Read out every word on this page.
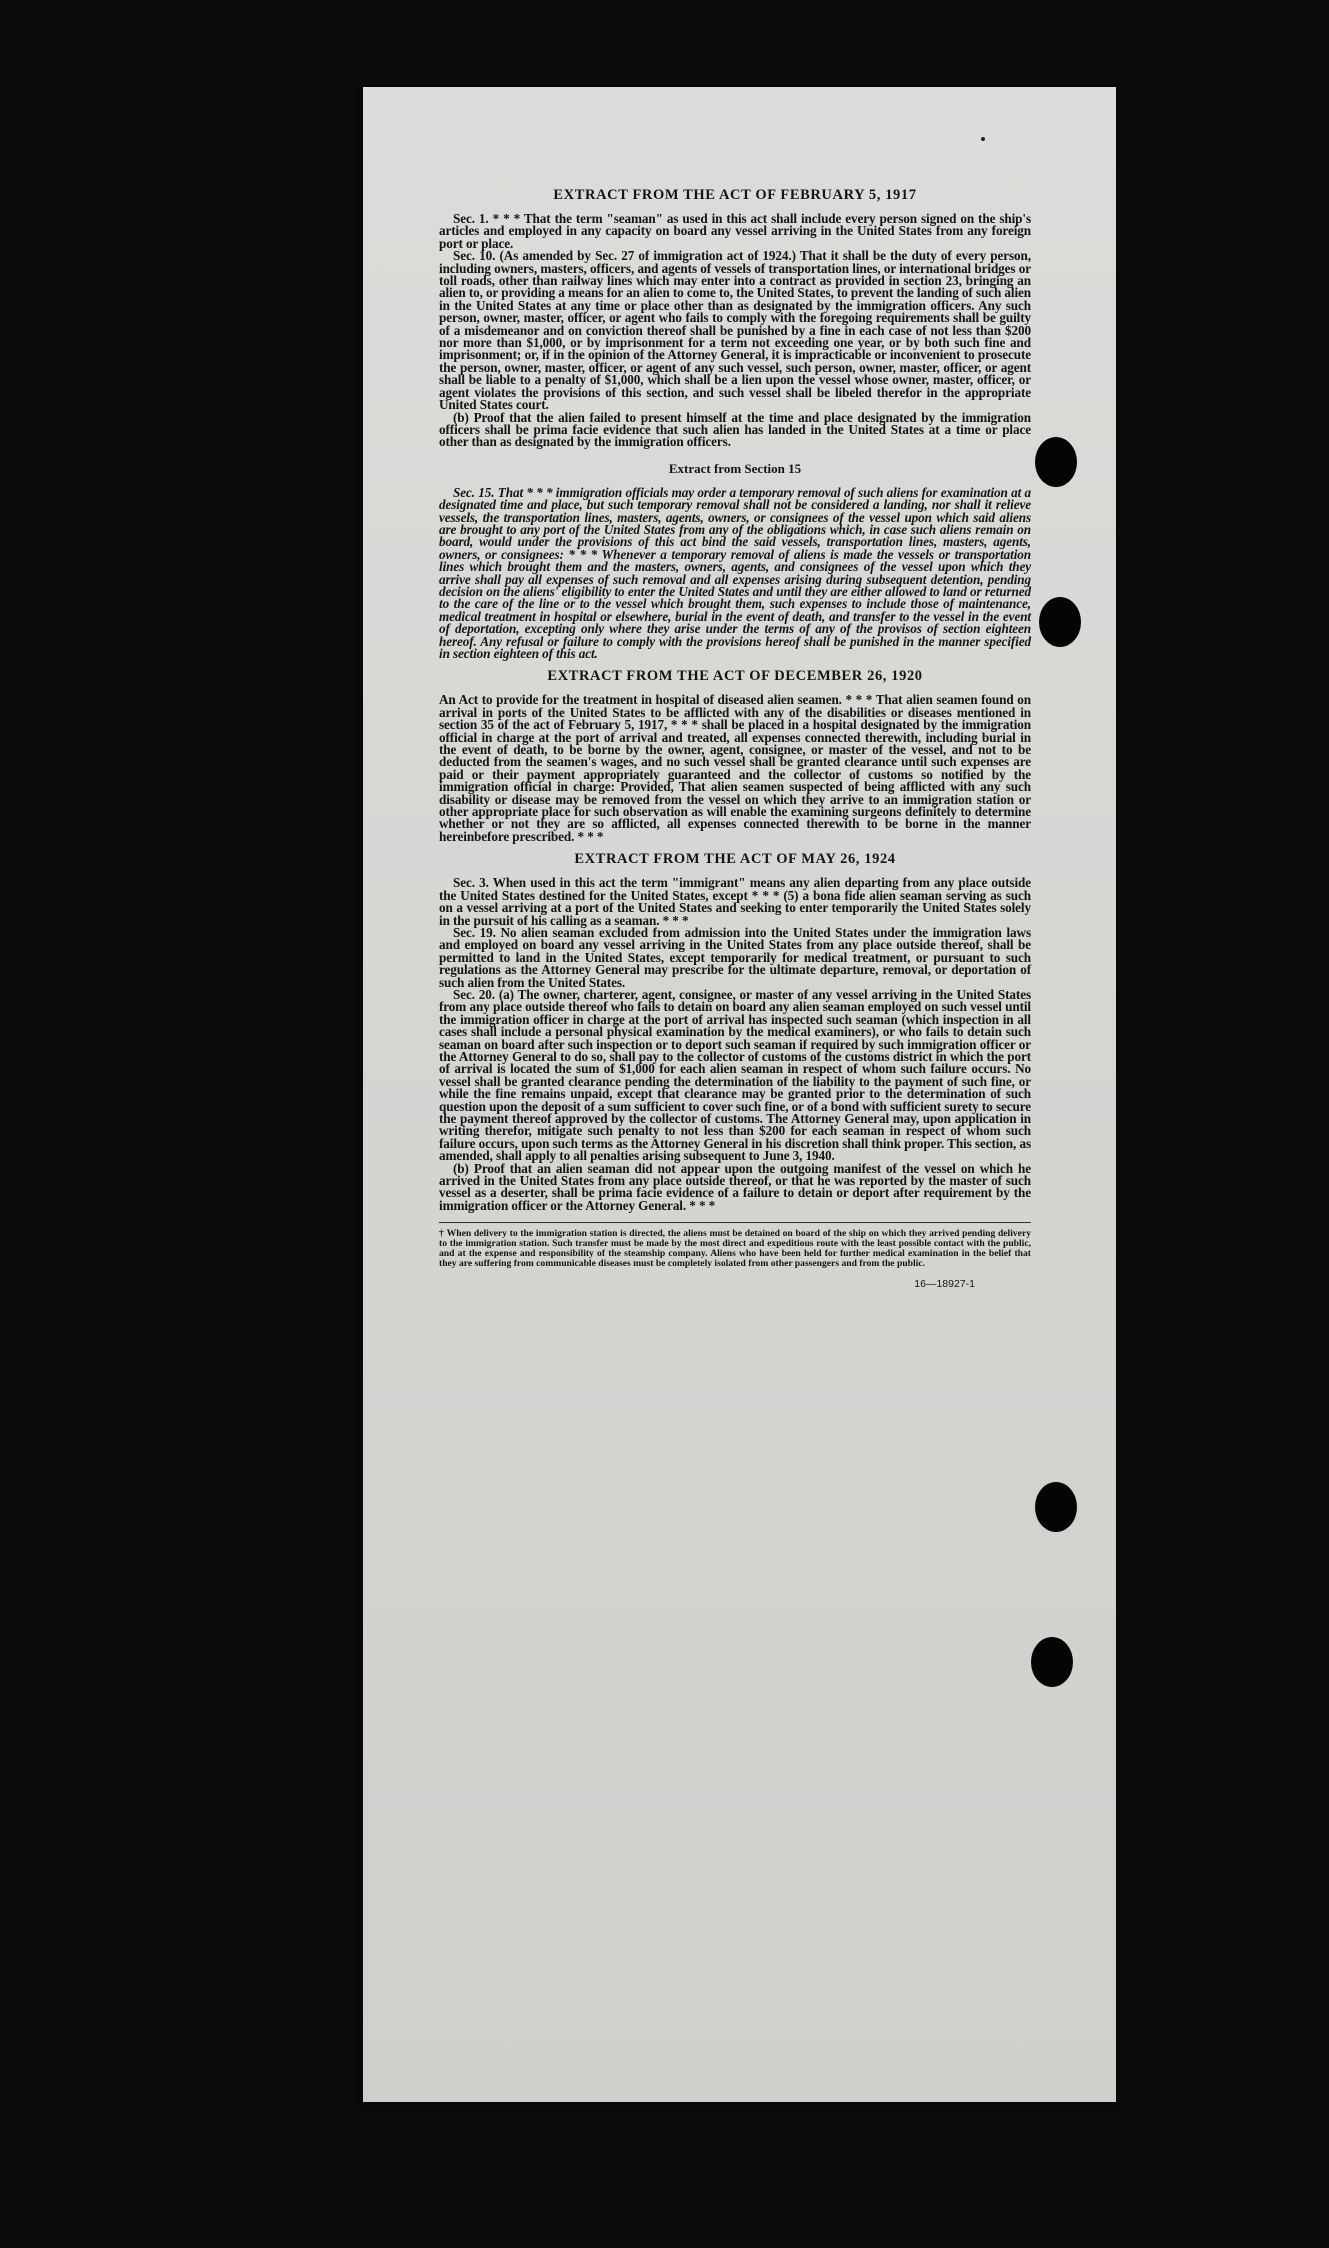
EXTRACT FROM THE ACT OF FEBRUARY 5, 1917

Sec. 1. * * * That the term "seaman" as used in this act shall include every person signed on the ship's articles and employed in any capacity on board any vessel arriving in the United States from any foreign port or place.

Sec. 10. (As amended by Sec. 27 of immigration act of 1924.) That it shall be the duty of every person, including owners, masters, officers, and agents of vessels of transportation lines, or international bridges or toll roads, other than railway lines which may enter into a contract as provided in section 23, bringing an alien to, or providing a means for an alien to come to, the United States, to prevent the landing of such alien in the United States at any time or place other than as designated by the immigration officers. Any such person, owner, master, officer, or agent who fails to comply with the foregoing requirements shall be guilty of a misdemeanor and on conviction thereof shall be punished by a fine in each case of not less than $200 nor more than $1,000, or by imprisonment for a term not exceeding one year, or by both such fine and imprisonment; or, if in the opinion of the Attorney General, it is impracticable or inconvenient to prosecute the person, owner, master, officer, or agent of any such vessel, such person, owner, master, officer, or agent shall be liable to a penalty of $1,000, which shall be a lien upon the vessel whose owner, master, officer, or agent violates the provisions of this section, and such vessel shall be libeled therefor in the appropriate United States court.

(b) Proof that the alien failed to present himself at the time and place designated by the immigration officers shall be prima facie evidence that such alien has landed in the United States at a time or place other than as designated by the immigration officers.

Extract from Section 15

Sec. 15. That * * * immigration officials may order a temporary removal of such aliens for examination at a designated time and place, but such temporary removal shall not be considered a landing, nor shall it relieve vessels, the transportation lines, masters, agents, owners, or consignees of the vessel upon which said aliens are brought to any port of the United States from any of the obligations which, in case such aliens remain on board, would under the provisions of this act bind the said vessels, transportation lines, masters, agents, owners, or consignees: * * * Whenever a temporary removal of aliens is made the vessels or transportation lines which brought them and the masters, owners, agents, and consignees of the vessel upon which they arrive shall pay all expenses of such removal and all expenses arising during subsequent detention, pending decision on the aliens' eligibility to enter the United States and until they are either allowed to land or returned to the care of the line or to the vessel which brought them, such expenses to include those of maintenance, medical treatment in hospital or elsewhere, burial in the event of death, and transfer to the vessel in the event of deportation, excepting only where they arise under the terms of any of the provisos of section eighteen hereof. Any refusal or failure to comply with the provisions hereof shall be punished in the manner specified in section eighteen of this act.

EXTRACT FROM THE ACT OF DECEMBER 26, 1920

An Act to provide for the treatment in hospital of diseased alien seamen. * * * That alien seamen found on arrival in ports of the United States to be afflicted with any of the disabilities or diseases mentioned in section 35 of the act of February 5, 1917, * * * shall be placed in a hospital designated by the immigration official in charge at the port of arrival and treated, all expenses connected therewith, including burial in the event of death, to be borne by the owner, agent, consignee, or master of the vessel, and not to be deducted from the seamen's wages, and no such vessel shall be granted clearance until such expenses are paid or their payment appropriately guaranteed and the collector of customs so notified by the immigration official in charge: Provided, That alien seamen suspected of being afflicted with any such disability or disease may be removed from the vessel on which they arrive to an immigration station or other appropriate place for such observation as will enable the examining surgeons definitely to determine whether or not they are so afflicted, all expenses connected therewith to be borne in the manner hereinbefore prescribed. * * *

EXTRACT FROM THE ACT OF MAY 26, 1924

Sec. 3. When used in this act the term "immigrant" means any alien departing from any place outside the United States destined for the United States, except * * * (5) a bona fide alien seaman serving as such on a vessel arriving at a port of the United States and seeking to enter temporarily the United States solely in the pursuit of his calling as a seaman. * * *

Sec. 19. No alien seaman excluded from admission into the United States under the immigration laws and employed on board any vessel arriving in the United States from any place outside thereof, shall be permitted to land in the United States, except temporarily for medical treatment, or pursuant to such regulations as the Attorney General may prescribe for the ultimate departure, removal, or deportation of such alien from the United States.

Sec. 20. (a) The owner, charterer, agent, consignee, or master of any vessel arriving in the United States from any place outside thereof who fails to detain on board any alien seaman employed on such vessel until the immigration officer in charge at the port of arrival has inspected such seaman (which inspection in all cases shall include a personal physical examination by the medical examiners), or who fails to detain such seaman on board after such inspection or to deport such seaman if required by such immigration officer or the Attorney General to do so, shall pay to the collector of customs of the customs district in which the port of arrival is located the sum of $1,000 for each alien seaman in respect of whom such failure occurs. No vessel shall be granted clearance pending the determination of the liability to the payment of such fine, or while the fine remains unpaid, except that clearance may be granted prior to the determination of such question upon the deposit of a sum sufficient to cover such fine, or of a bond with sufficient surety to secure the payment thereof approved by the collector of customs. The Attorney General may, upon application in writing therefor, mitigate such penalty to not less than $200 for each seaman in respect of whom such failure occurs, upon such terms as the Attorney General in his discretion shall think proper. This section, as amended, shall apply to all penalties arising subsequent to June 3, 1940.

(b) Proof that an alien seaman did not appear upon the outgoing manifest of the vessel on which he arrived in the United States from any place outside thereof, or that he was reported by the master of such vessel as a deserter, shall be prima facie evidence of a failure to detain or deport after requirement by the immigration officer or the Attorney General. * * *

† When delivery to the immigration station is directed, the aliens must be detained on board of the ship on which they arrived pending delivery to the immigration station. Such transfer must be made by the most direct and expeditious route with the least possible contact with the public, and at the expense and responsibility of the steamship company. Aliens who have been held for further medical examination in the belief that they are suffering from communicable diseases must be completely isolated from other passengers and from the public.
16—18927-1
